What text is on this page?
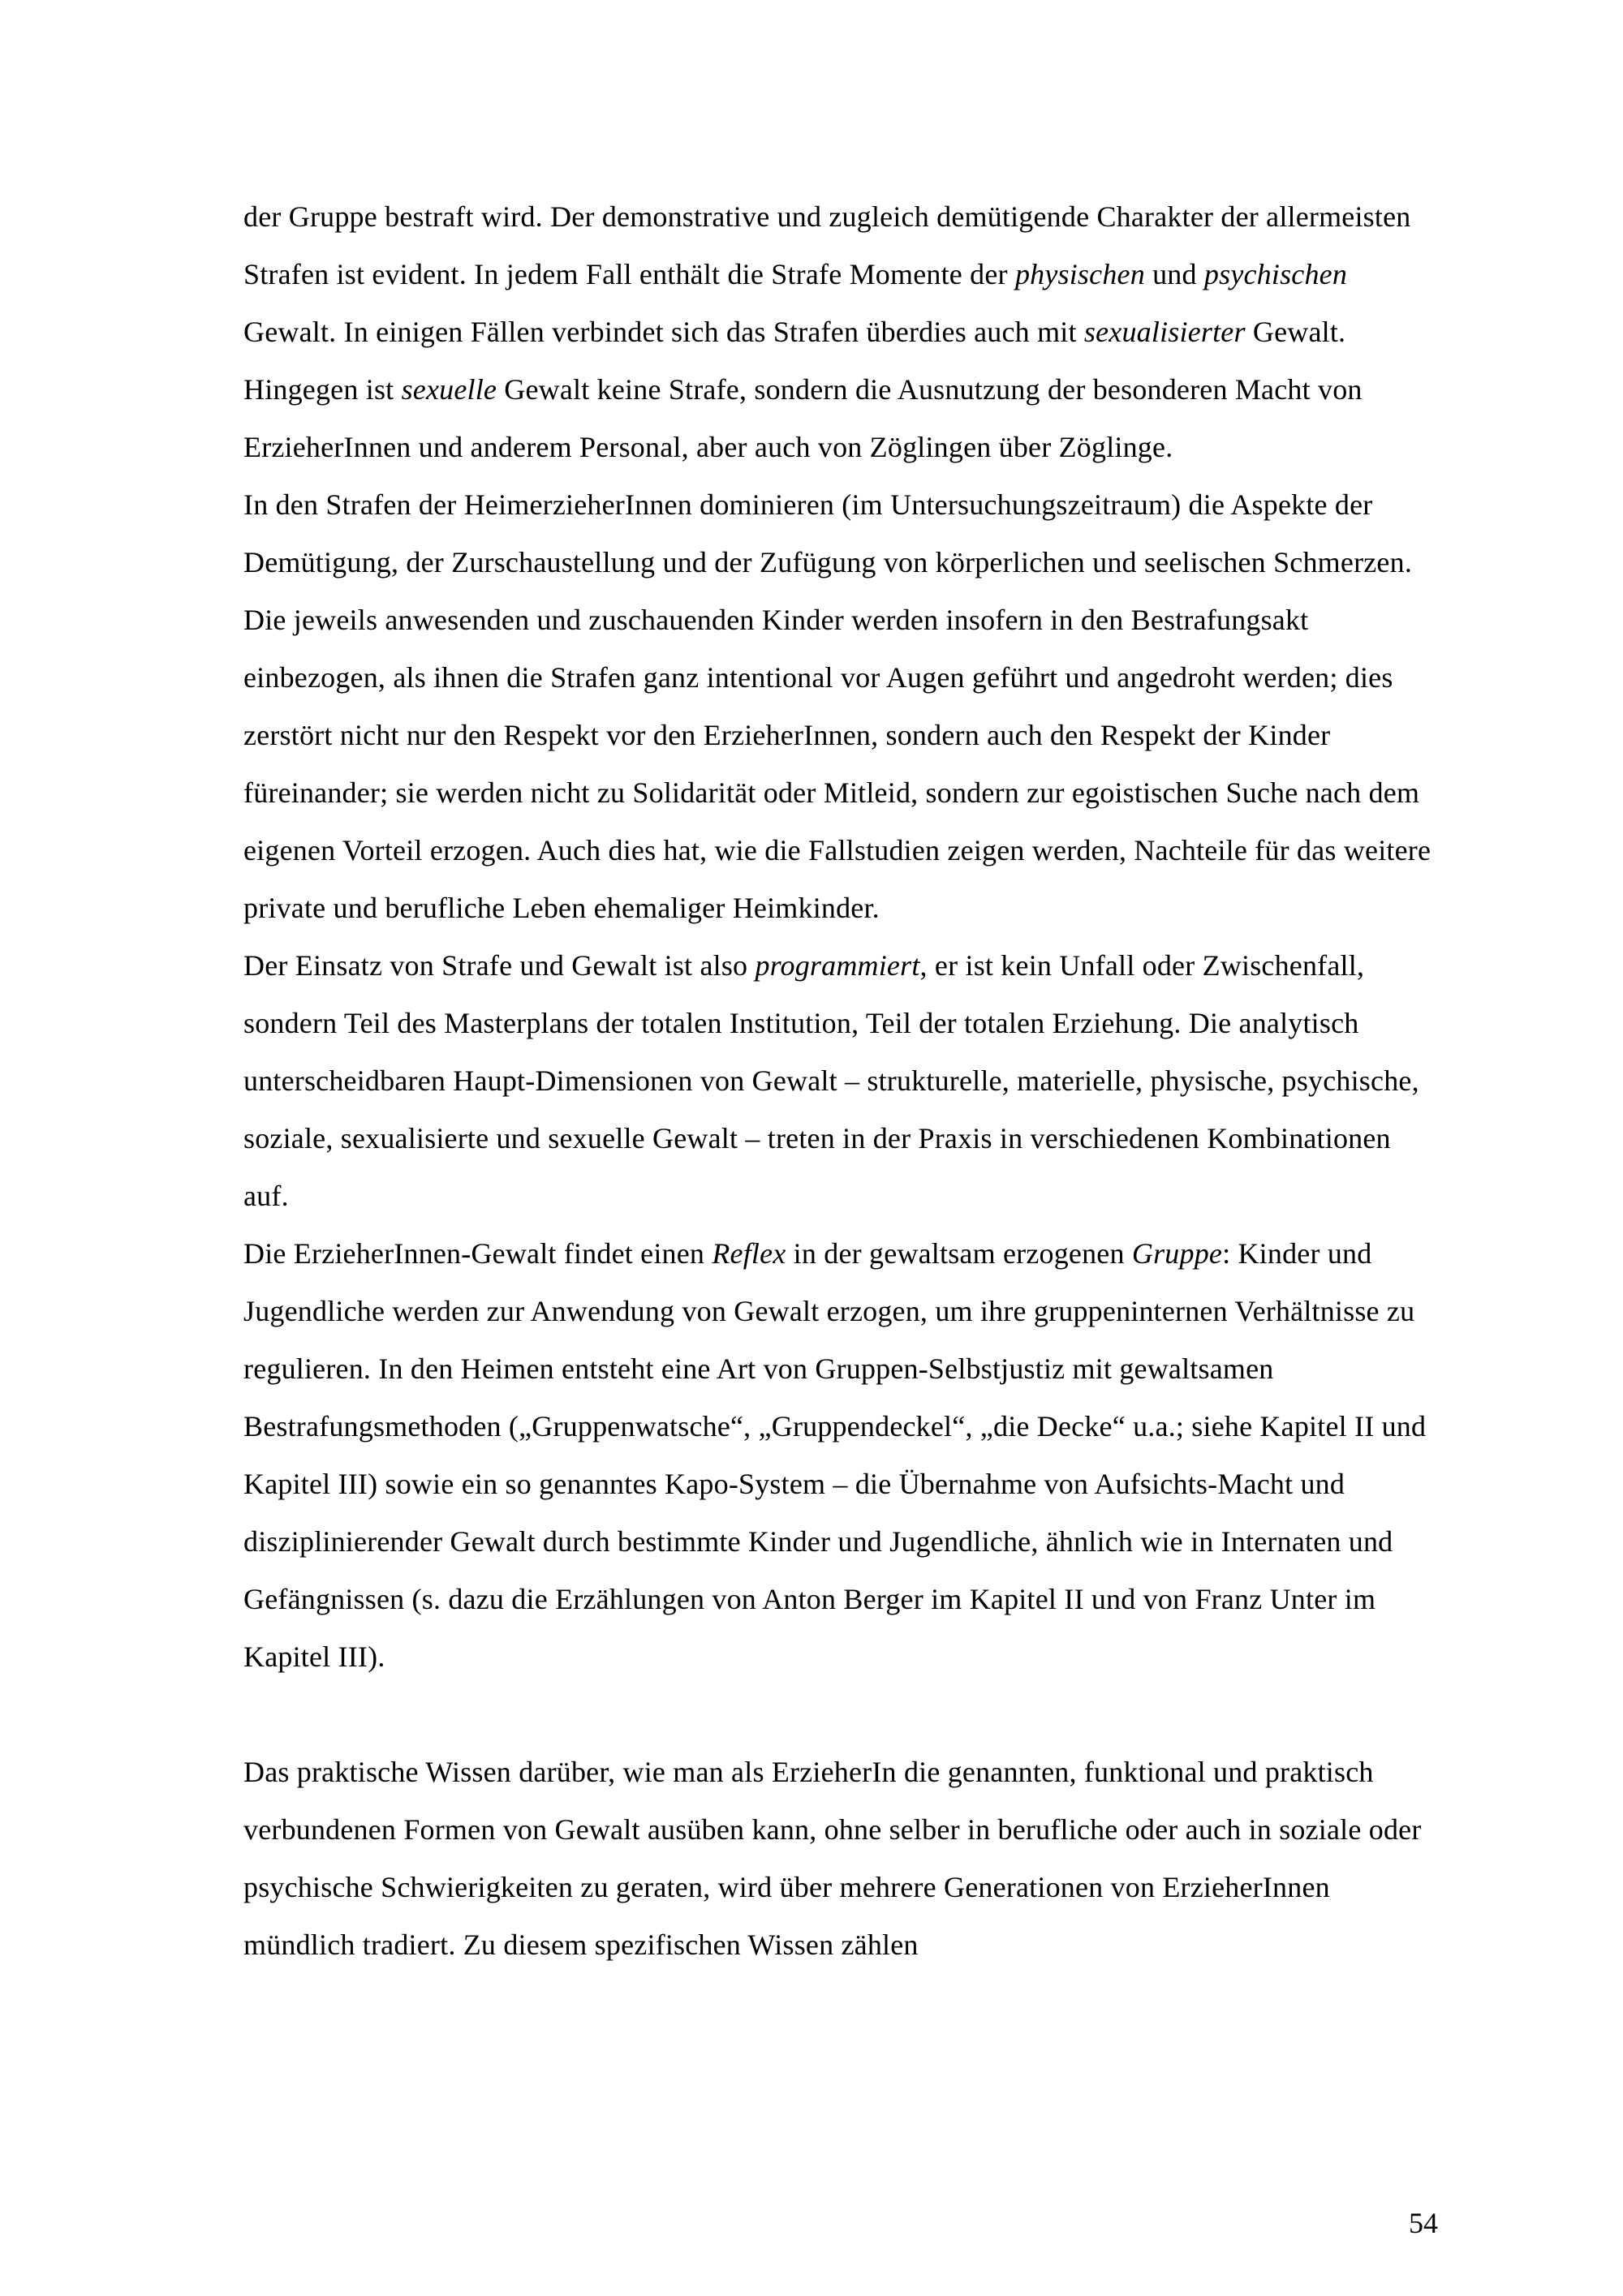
der Gruppe bestraft wird. Der demonstrative und zugleich demütigende Charakter der allermeisten Strafen ist evident. In jedem Fall enthält die Strafe Momente der physischen und psychischen Gewalt. In einigen Fällen verbindet sich das Strafen überdies auch mit sexualisierter Gewalt. Hingegen ist sexuelle Gewalt keine Strafe, sondern die Ausnutzung der besonderen Macht von ErzieherInnen und anderem Personal, aber auch von Zöglingen über Zöglinge.

In den Strafen der HeimerzieherInnen dominieren (im Untersuchungszeitraum) die Aspekte der Demütigung, der Zurschaustellung und der Zufügung von körperlichen und seelischen Schmerzen. Die jeweils anwesenden und zuschauenden Kinder werden insofern in den Bestrafungsakt einbezogen, als ihnen die Strafen ganz intentional vor Augen geführt und angedroht werden; dies zerstört nicht nur den Respekt vor den ErzieherInnen, sondern auch den Respekt der Kinder füreinander; sie werden nicht zu Solidarität oder Mitleid, sondern zur egoistischen Suche nach dem eigenen Vorteil erzogen. Auch dies hat, wie die Fallstudien zeigen werden, Nachteile für das weitere private und berufliche Leben ehemaliger Heimkinder.

Der Einsatz von Strafe und Gewalt ist also programmiert, er ist kein Unfall oder Zwischenfall, sondern Teil des Masterplans der totalen Institution, Teil der totalen Erziehung. Die analytisch unterscheidbaren Haupt-Dimensionen von Gewalt – strukturelle, materielle, physische, psychische, soziale, sexualisierte und sexuelle Gewalt – treten in der Praxis in verschiedenen Kombinationen auf.

Die ErzieherInnen-Gewalt findet einen Reflex in der gewaltsam erzogenen Gruppe: Kinder und Jugendliche werden zur Anwendung von Gewalt erzogen, um ihre gruppeninternen Verhältnisse zu regulieren. In den Heimen entsteht eine Art von Gruppen-Selbstjustiz mit gewaltsamen Bestrafungsmethoden („Gruppenwatsche“, „Gruppendeckel“, „die Decke“ u.a.; siehe Kapitel II und Kapitel III) sowie ein so genanntes Kapo-System – die Übernahme von Aufsichts-Macht und disziplinierender Gewalt durch bestimmte Kinder und Jugendliche, ähnlich wie in Internaten und Gefängnissen (s. dazu die Erzählungen von Anton Berger im Kapitel II und von Franz Unter im Kapitel III).

Das praktische Wissen darüber, wie man als ErzieherIn die genannten, funktional und praktisch verbundenen Formen von Gewalt ausüben kann, ohne selber in berufliche oder auch in soziale oder psychische Schwierigkeiten zu geraten, wird über mehrere Generationen von ErzieherInnen mündlich tradiert. Zu diesem spezifischen Wissen zählen

54
